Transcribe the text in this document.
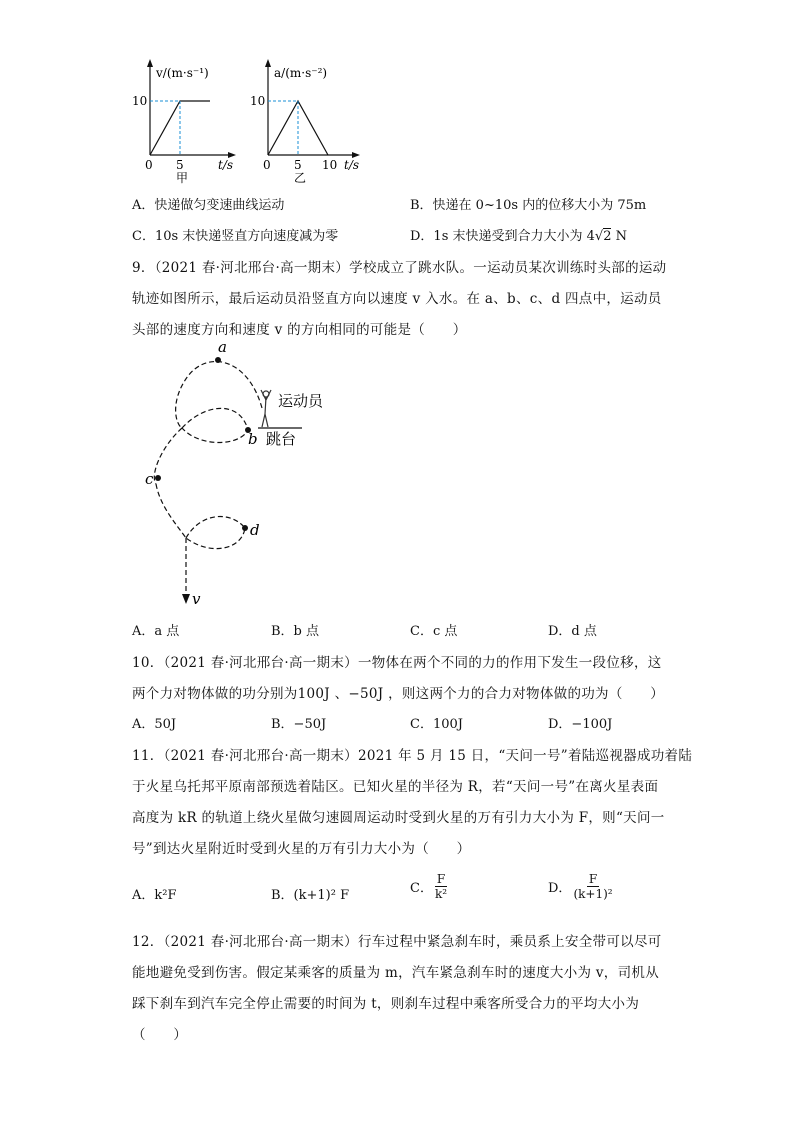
v/(m·s⁻¹)
10
0 5	t/s
甲
a/(m·s⁻²)
10
0 5 10 t/s
乙
A．快递做匀变速曲线运动	B．快递在 0~10s 内的位移大小为 75m
C．10s 末快递竖直方向速度减为零	D．1s 末快递受到合力大小为 4√2 N
9．（2021 春·河北邢台·高一期末）学校成立了跳水队。一运动员某次训练时头部的运动
轨迹如图所示，最后运动员沿竖直方向以速度 v 入水。在 a、b、c、d 四点中，运动员
头部的速度方向和速度 v 的方向相同的可能是（　　）
a
b
c
d
v
运动员
跳台
A．a 点	B．b 点	C．c 点	D．d 点
10．（2021 春·河北邢台·高一期末）一物体在两个不同的力的作用下发生一段位移，这
两个力对物体做的功分别为100J 、−50J ，则这两个力的合力对物体做的功为（　　）
A．50J	B．−50J	C．100J	D．−100J
11．（2021 春·河北邢台·高一期末）2021 年 5 月 15 日，“天问一号”着陆巡视器成功着陆
于火星乌托邦平原南部预选着陆区。已知火星的半径为 R，若“天问一号”在离火星表面
高度为 kR 的轨道上绕火星做匀速圆周运动时受到火星的万有引力大小为 F，则“天问一
号”到达火星附近时受到火星的万有引力大小为（　　）
A．k²F	B．(k+1)² F	C． $\frac{F}{\text{k²}}$	D． $\frac{F}{\text{(k+1)²}}$
12．（2021 春·河北邢台·高一期末）行车过程中紧急刹车时，乘员系上安全带可以尽可
能地避免受到伤害。假定某乘客的质量为 m，汽车紧急刹车时的速度大小为 v，司机从
踩下刹车到汽车完全停止需要的时间为 t，则刹车过程中乘客所受合力的平均大小为
（　　）
